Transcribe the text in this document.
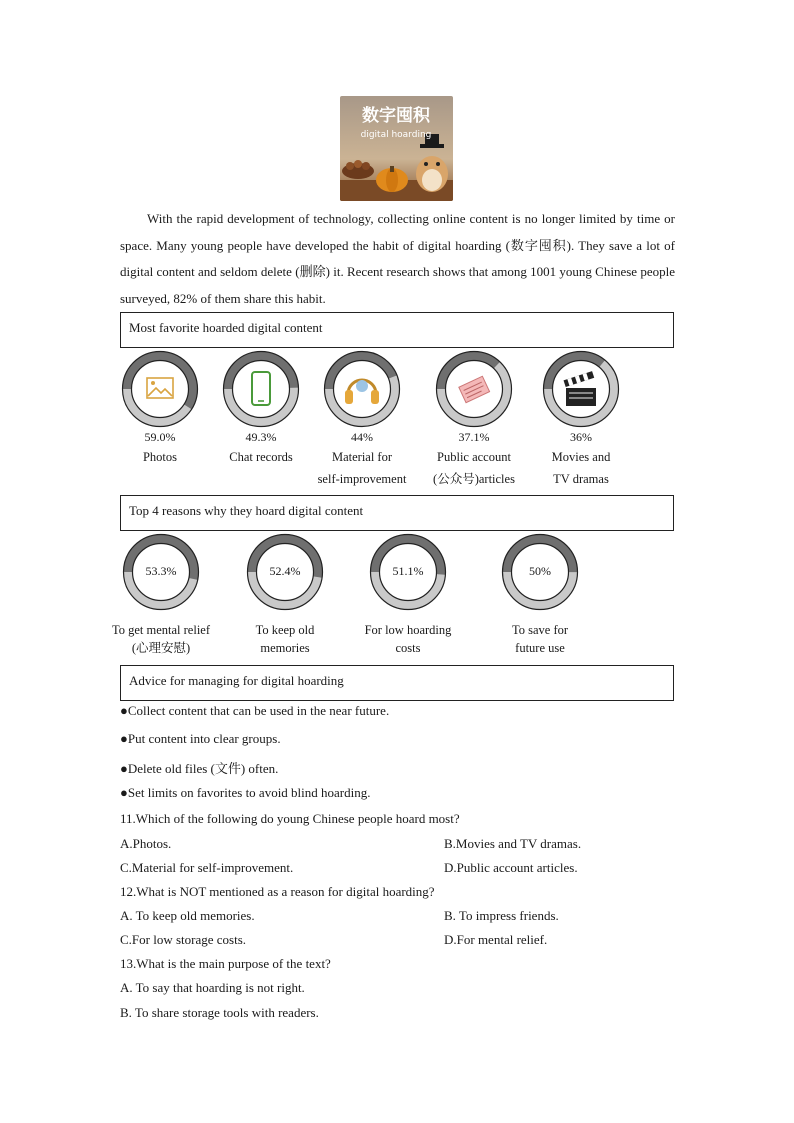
数字囤积
digital hoarding
With the rapid development of technology, collecting online content is no longer limited by time or space. Many young people have developed the habit of digital hoarding (数字囤积). They save a lot of digital content and seldom delete (删除) it. Recent research shows that among 1001 young Chinese people surveyed, 82% of them share this habit.
Most favorite hoarded digital content
59.0%
Photos
49.3%
Chat records
44%
Material for
self-improvement
37.1%
Public account
(公众号)articles
36%
Movies and
TV dramas
Top 4 reasons why they hoard digital content
53.3%
To get mental relief
(心理安慰)
52.4%
To keep old
memories
51.1%
For low hoarding
costs
50%
To save for
future use
Advice for managing for digital hoarding
●Collect content that can be used in the near future.
●Put content into clear groups.
●Delete old files (文件) often.
●Set limits on favorites to avoid blind hoarding.
11.Which of the following do young Chinese people hoard most?
A.Photos.	B.Movies and TV dramas.
C.Material for self-improvement.	D.Public account articles.
12.What is NOT mentioned as a reason for digital hoarding?
A. To keep old memories.	B. To impress friends.
C.For low storage costs.	D.For mental relief.
13.What is the main purpose of the text?
A. To say that hoarding is not right.
B. To share storage tools with readers.
